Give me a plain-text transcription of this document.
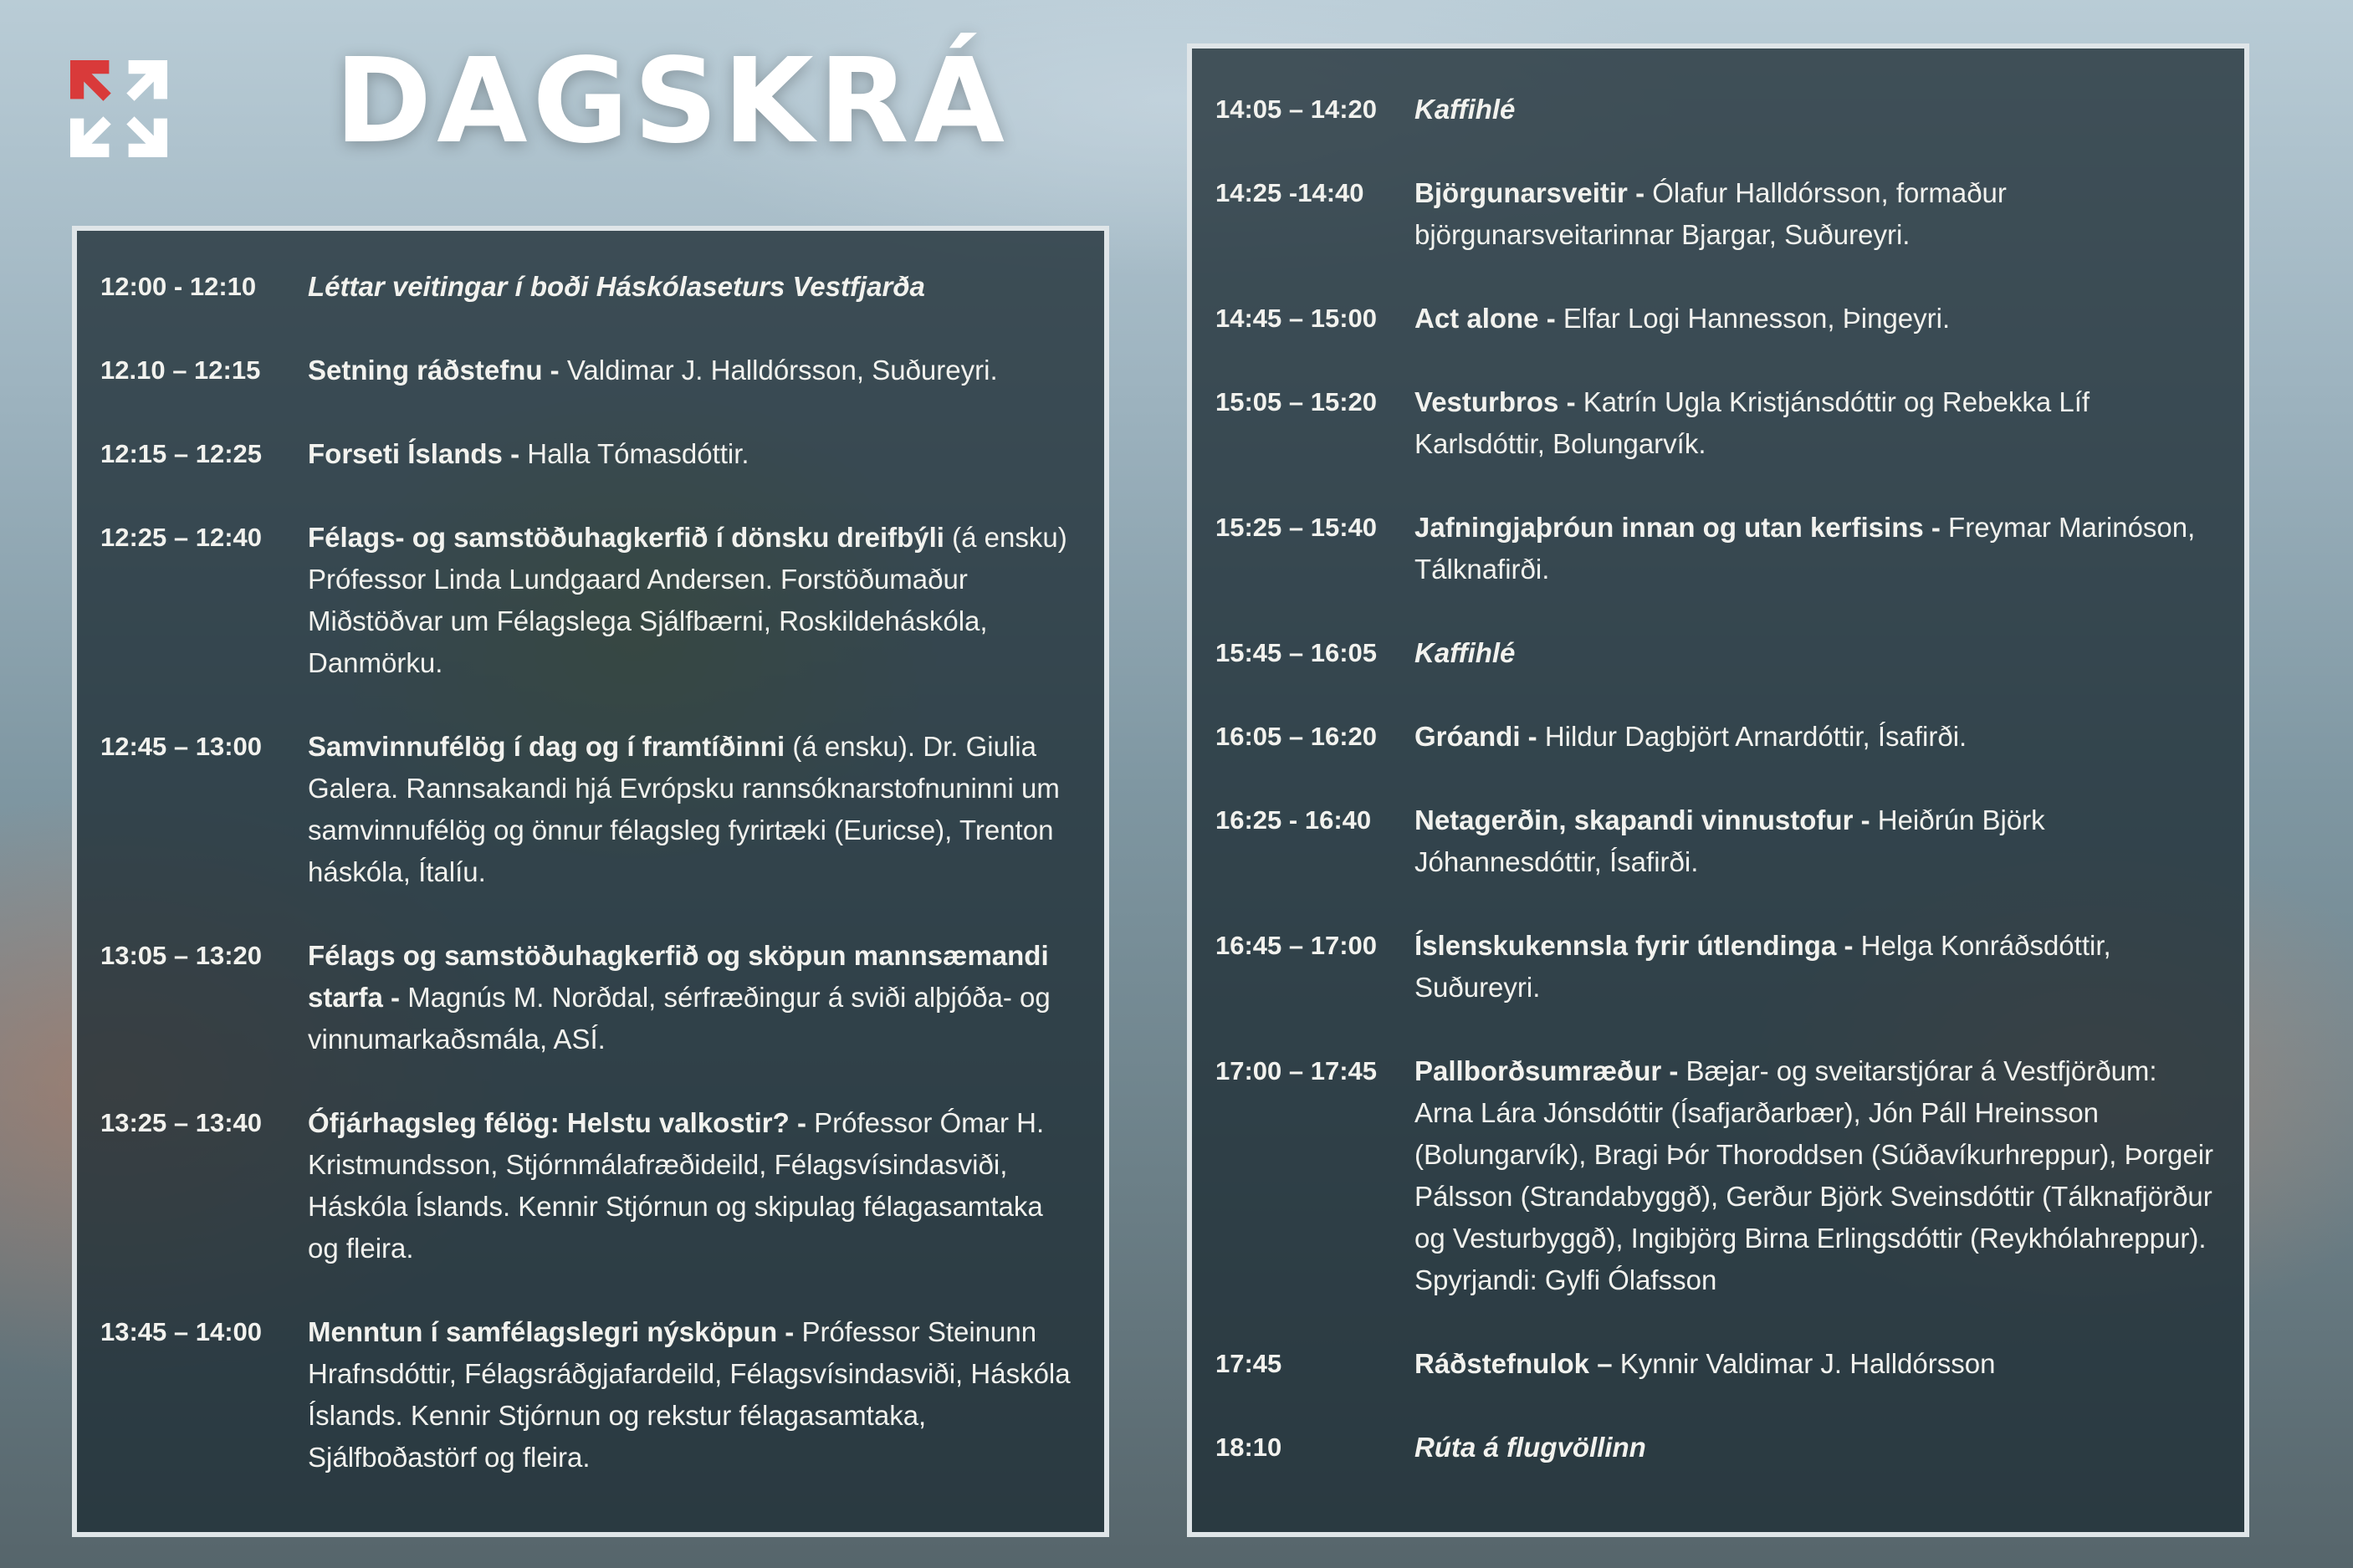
DAGSKRÁ
12:00 - 12:10	Léttar veitingar í boði Háskólaseturs Vestfjarða
12.10 – 12:15	Setning ráðstefnu - Valdimar J. Halldórsson, Suðureyri.
12:15 – 12:25	Forseti Íslands - Halla Tómasdóttir.
12:25 – 12:40	Félags- og samstöðuhagkerfið í dönsku dreifbýli (á ensku) Prófessor Linda Lundgaard Andersen. Forstöðumaður Miðstöðvar um Félagslega Sjálfbærni, Roskildeháskóla, Danmörku.
12:45 – 13:00	Samvinnufélög í dag og í framtíðinni (á ensku). Dr. Giulia Galera. Rannsakandi hjá Evrópsku rannsóknarstofnuninni um samvinnufélög og önnur félagsleg fyrirtæki (Euricse), Trenton háskóla, Ítalíu.
13:05 – 13:20	Félags og samstöðuhagkerfið og sköpun mannsæmandi starfa - Magnús M. Norðdal, sérfræðingur á sviði alþjóða- og vinnumarkaðsmála, ASÍ.
13:25 – 13:40	Ófjárhagsleg félög: Helstu valkostir? - Prófessor Ómar H. Kristmundsson, Stjórnmálafræðideild, Félagsvísindasviði, Háskóla Íslands. Kennir Stjórnun og skipulag félagasamtaka og fleira.
13:45 – 14:00	Menntun í samfélagslegri nýsköpun - Prófessor Steinunn Hrafnsdóttir, Félagsráðgjafardeild, Félagsvísindasviði, Háskóla Íslands. Kennir Stjórnun og rekstur félagasamtaka, Sjálfboðastörf og fleira.
14:05 – 14:20	Kaffihlé
14:25 -14:40	Björgunarsveitir - Ólafur Halldórsson, formaður björgunarsveitarinnar Bjargar, Suðureyri.
14:45 – 15:00	Act alone - Elfar Logi Hannesson, Þingeyri.
15:05 – 15:20	Vesturbros - Katrín Ugla Kristjánsdóttir og Rebekka Líf Karlsdóttir, Bolungarvík.
15:25 – 15:40	Jafningjaþróun innan og utan kerfisins - Freymar Marinóson, Tálknafirði.
15:45 – 16:05	Kaffihlé
16:05 – 16:20	Gróandi - Hildur Dagbjört Arnardóttir, Ísafirði.
16:25 - 16:40	Netagerðin, skapandi vinnustofur - Heiðrún Björk Jóhannesdóttir, Ísafirði.
16:45 – 17:00	Íslenskukennsla fyrir útlendinga - Helga Konráðsdóttir, Suðureyri.
17:00 – 17:45	Pallborðsumræður - Bæjar- og sveitarstjórar á Vestfjörðum: Arna Lára Jónsdóttir (Ísafjarðarbær), Jón Páll Hreinsson (Bolungarvík), Bragi Þór Thoroddsen (Súðavíkurhreppur), Þorgeir Pálsson (Strandabyggð), Gerður Björk Sveinsdóttir (Tálknafjörður og Vesturbyggð), Ingibjörg Birna Erlingsdóttir (Reykhólahreppur). Spyrjandi: Gylfi Ólafsson
17:45	Ráðstefnulok – Kynnir Valdimar J. Halldórsson
18:10	Rúta á flugvöllinn
